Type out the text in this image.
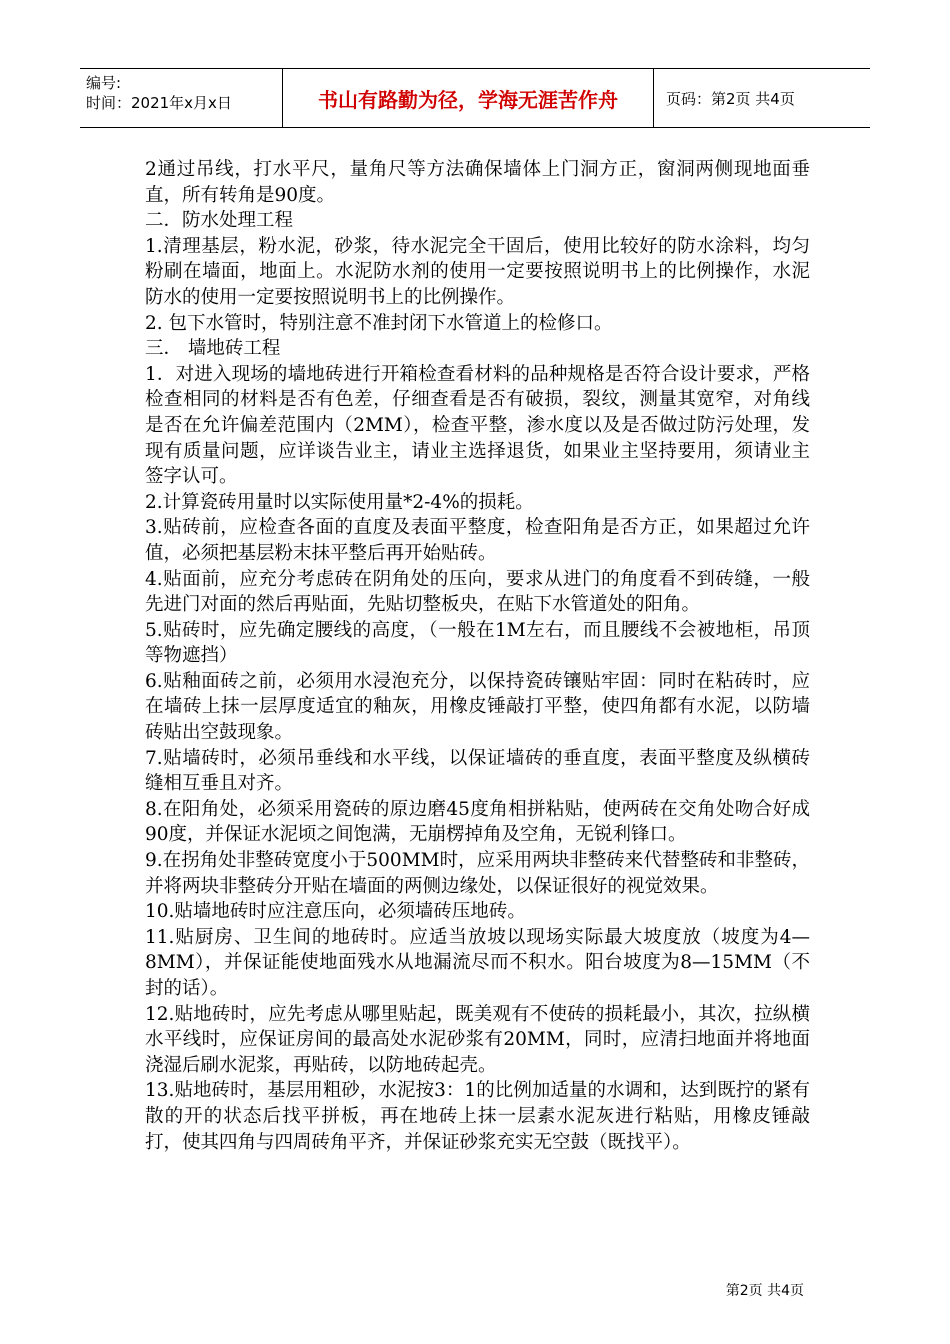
编号:
时间：2021年x月x日	书山有路勤为径，学海无涯苦作舟	页码：第2页 共4页

2通过吊线，打水平尺，量角尺等方法确保墙体上门洞方正，窗洞两侧现地面垂直，所有转角是90度。

二．防水处理工程

1.清理基层，粉水泥，砂浆，待水泥完全干固后，使用比较好的防水涂料，均匀粉刷在墙面，地面上。水泥防水剂的使用一定要按照说明书上的比例操作，水泥防水的使用一定要按照说明书上的比例操作。

2. 包下水管时，特别注意不准封闭下水管道上的检修口。

三． 墙地砖工程

1．对进入现场的墙地砖进行开箱检查看材料的品种规格是否符合设计要求，严格检查相同的材料是否有色差，仔细查看是否有破损，裂纹，测量其宽窄，对角线是否在允许偏差范围内（2MM），检查平整，渗水度以及是否做过防污处理，发现有质量问题，应详谈告业主，请业主选择退货，如果业主坚持要用，须请业主签字认可。

2.计算瓷砖用量时以实际使用量*2-4%的损耗。

3.贴砖前，应检查各面的直度及表面平整度，检查阳角是否方正，如果超过允许值，必须把基层粉末抹平整后再开始贴砖。

4.贴面前，应充分考虑砖在阴角处的压向，要求从进门的角度看不到砖缝，一般先进门对面的然后再贴面，先贴切整板央，在贴下水管道处的阳角。

5.贴砖时，应先确定腰线的高度，（一般在1M左右，而且腰线不会被地柜，吊顶等物遮挡）

6.贴釉面砖之前，必须用水浸泡充分，以保持瓷砖镶贴牢固：同时在粘砖时，应在墙砖上抹一层厚度适宜的釉灰，用橡皮锤敲打平整，使四角都有水泥，以防墙砖贴出空鼓现象。

7.贴墙砖时，必须吊垂线和水平线，以保证墙砖的垂直度，表面平整度及纵横砖缝相互垂且对齐。

8.在阳角处，必须采用瓷砖的原边磨45度角相拼粘贴，使两砖在交角处吻合好成90度，并保证水泥顷之间饱满，无崩楞掉角及空角，无锐利锋口。

9.在拐角处非整砖宽度小于500MM时，应采用两块非整砖来代替整砖和非整砖，并将两块非整砖分开贴在墙面的两侧边缘处，以保证很好的视觉效果。

10.贴墙地砖时应注意压向，必须墙砖压地砖。

11.贴厨房、卫生间的地砖时。应适当放坡以现场实际最大坡度放（坡度为4—8MM），并保证能使地面残水从地漏流尽而不积水。阳台坡度为8—15MM（不封的话）。

12.贴地砖时，应先考虑从哪里贴起，既美观有不使砖的损耗最小，其次，拉纵横水平线时，应保证房间的最高处水泥砂浆有20MM，同时，应清扫地面并将地面浇湿后刷水泥浆，再贴砖，以防地砖起壳。

13.贴地砖时，基层用粗砂，水泥按3：1的比例加适量的水调和，达到既拧的紧有散的开的状态后找平拼板，再在地砖上抹一层素水泥灰进行粘贴，用橡皮锤敲打，使其四角与四周砖角平齐，并保证砂浆充实无空鼓（既找平）。

第2页 共4页
